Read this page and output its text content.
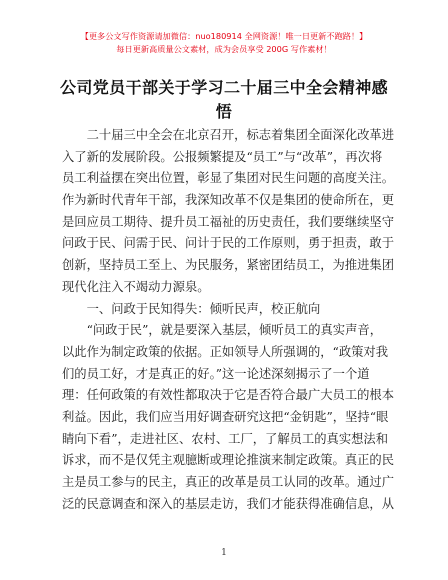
【更多公文写作资源请加微信：nuo180914 全网资源！唯一日更新不跑路！】
每日更新高质量公文素材，成为会员享受 200G 写作素材！
公司党员干部关于学习二十届三中全会精神感
悟
　　二十届三中全会在北京召开，标志着集团全面深化改革进
入了新的发展阶段。公报频繁提及“员工”与“改革”，再次将
员工利益摆在突出位置，彰显了集团对民生问题的高度关注。
作为新时代青年干部，我深知改革不仅是集团的使命所在，更
是回应员工期待、提升员工福祉的历史责任，我们要继续坚守
问政于民、问需于民、问计于民的工作原则，勇于担责，敢于
创新，坚持员工至上、为民服务，紧密团结员工，为推进集团
现代化注入不竭动力源泉。
　　一、问政于民知得失：倾听民声，校正航向
　　“问政于民”，就是要深入基层，倾听员工的真实声音，
以此作为制定政策的依据。正如领导人所强调的，“政策对我
们的员工好，才是真正的好。”这一论述深刻揭示了一个道
理：任何政策的有效性都取决于它是否符合最广大员工的根本
利益。因此，我们应当用好调查研究这把“金钥匙”，坚持“眼
睛向下看”，走进社区、农村、工厂，了解员工的真实想法和
诉求，而不是仅凭主观臆断或理论推演来制定政策。真正的民
主是员工参与的民主，真正的改革是员工认同的改革。通过广
泛的民意调查和深入的基层走访，我们才能获得准确信息，从
1
